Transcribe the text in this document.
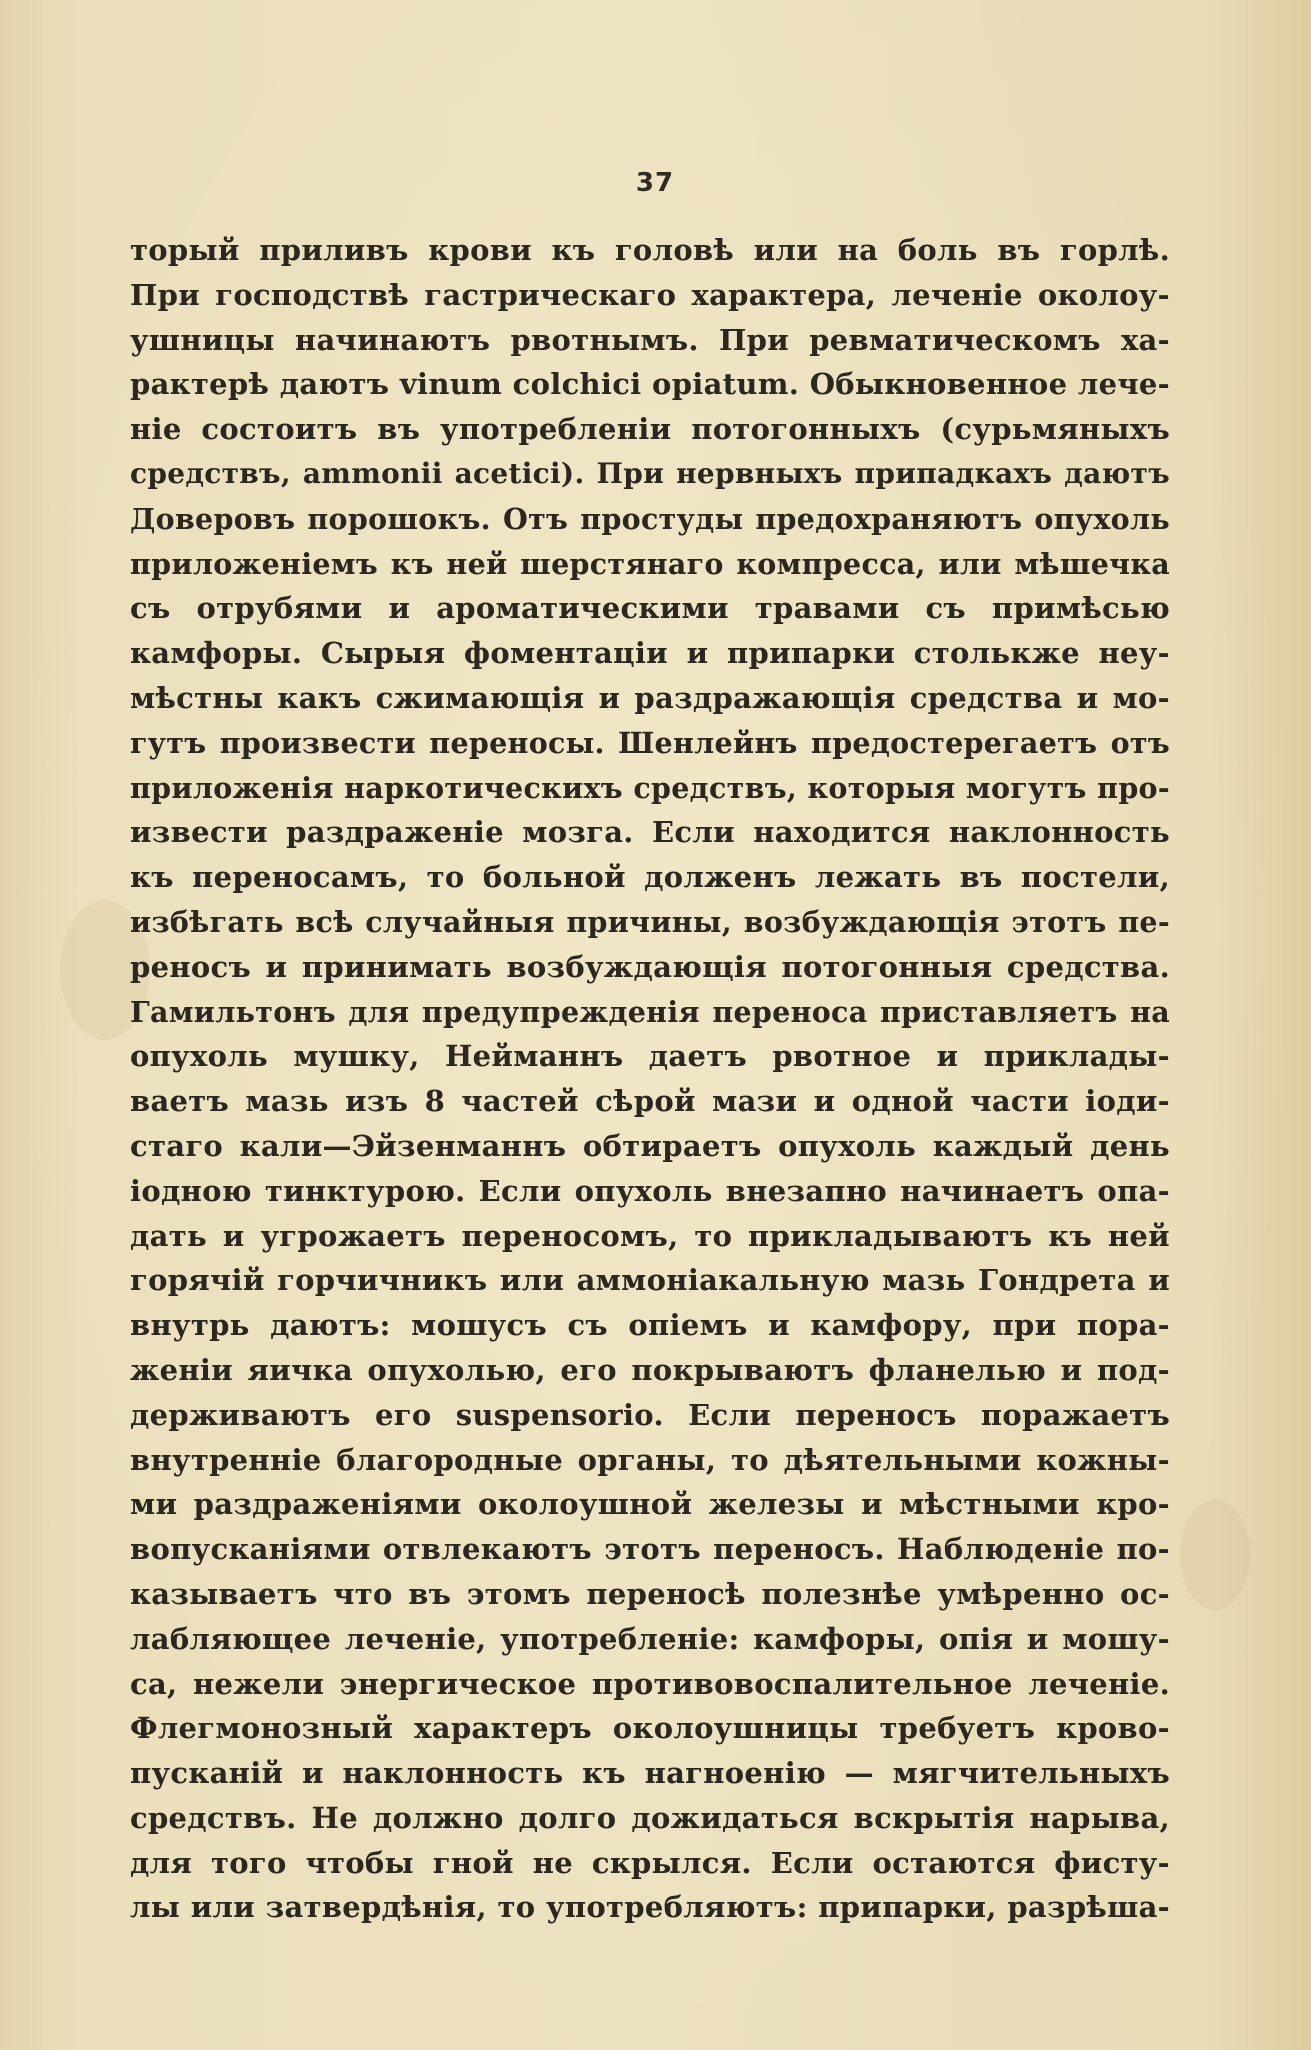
37
торый приливъ крови къ головѣ или на боль въ горлѣ.
При господствѣ гастрическаго характера, леченіе околоу-
ушницы начинаютъ рвотнымъ. При ревматическомъ ха-
рактерѣ даютъ vinum colchici opiatum. Обыкновенное лече-
ніе состоитъ въ употребленіи потогонныхъ (сурьмяныхъ
средствъ, ammonii acetici). При нервныхъ припадкахъ даютъ
Доверовъ порошокъ. Отъ простуды предохраняютъ опухоль
приложеніемъ къ ней шерстянаго компресса, или мѣшечка
съ отрубями и ароматическими травами съ примѣсью
камфоры. Сырыя фоментаціи и припарки столькже неу-
мѣстны какъ сжимающія и раздражающія средства и мо-
гутъ произвести переносы. Шенлейнъ предостерегаетъ отъ
приложенія наркотическихъ средствъ, которыя могутъ про-
извести раздраженіе мозга. Если находится наклонность
къ переносамъ, то больной долженъ лежать въ постели,
избѣгать всѣ случайныя причины, возбуждающія этотъ пе-
реносъ и принимать возбуждающія потогонныя средства.
Гамильтонъ для предупрежденія переноса приставляетъ на
опухоль мушку, Нейманнъ даетъ рвотное и приклады-
ваетъ мазь изъ 8 частей сѣрой мази и одной части іоди-
стаго кали—Эйзенманнъ обтираетъ опухоль каждый день
іодною тинктурою. Если опухоль внезапно начинаетъ опа-
дать и угрожаетъ переносомъ, то прикладываютъ къ ней
горячій горчичникъ или аммоніакальную мазь Гондрета и
внутрь даютъ: мошусъ съ опіемъ и камфору, при пора-
женіи яичка опухолью, его покрываютъ фланелью и под-
держиваютъ его suspensorio. Если переносъ поражаетъ
внутренніе благородные органы, то дѣятельными кожны-
ми раздраженіями околоушной железы и мѣстными кро-
вопусканіями отвлекаютъ этотъ переносъ. Наблюденіе по-
казываетъ что въ этомъ переносѣ полезнѣе умѣренно ос-
лабляющее леченіе, употребленіе: камфоры, опія и мошу-
са, нежели энергическое противовоспалительное леченіе.
Флегмонозный характеръ околоушницы требуетъ крово-
пусканій и наклонность къ нагноенію — мягчительныхъ
средствъ. Не должно долго дожидаться вскрытія нарыва,
для того чтобы гной не скрылся. Если остаются фисту-
лы или затвердѣнія, то употребляютъ: припарки, разрѣша-
